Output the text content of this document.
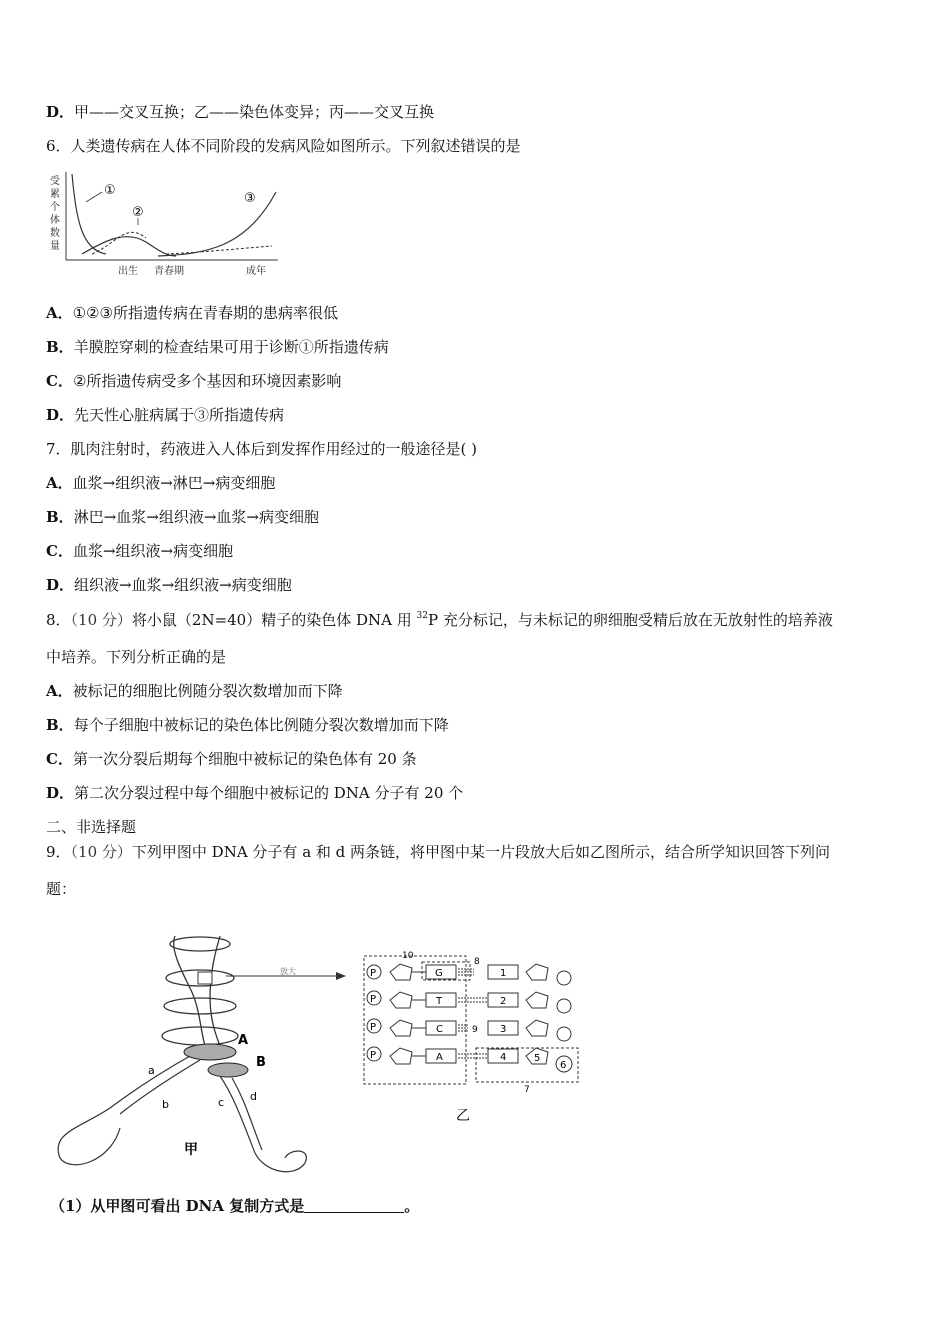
D．甲——交叉互换；乙——染色体变异；丙——交叉互换
6．人类遗传病在人体不同阶段的发病风险如图所示。下列叙述错误的是
受
累
个
体
数
量
①
②
③
出生 青春期	成年
A．①②③所指遗传病在青春期的患病率很低
B．羊膜腔穿刺的检查结果可用于诊断①所指遗传病
C．②所指遗传病受多个基因和环境因素影响
D．先天性心脏病属于③所指遗传病
7．肌肉注射时，药液进入人体后到发挥作用经过的一般途径是( )
A．血浆→组织液→淋巴→病变细胞
B．淋巴→血浆→组织液→血浆→病变细胞
C．血浆→组织液→病变细胞
D．组织液→血浆→组织液→病变细胞
8．（10 分）将小鼠（2N=40）精子的染色体 DNA 用 $^{32}$P 充分标记，与未标记的卵细胞受精后放在无放射性的培养液
中培养。下列分析正确的是
A．被标记的细胞比例随分裂次数增加而下降
B．每个子细胞中被标记的染色体比例随分裂次数增加而下降
C．第一次分裂后期每个细胞中被标记的染色体有 20 条
D．第二次分裂过程中每个细胞中被标记的 DNA 分子有 20 个
二、非选择题
9．（10 分）下列甲图中 DNA 分子有 a 和 d 两条链，将甲图中某一片段放大后如乙图所示，结合所学知识回答下列问
题：
A
B
a
b	c d
甲
放大
10
8
7
P	G	1
P	T	2
P	C	9 3
P	A	4	5
6
乙
（1）从甲图可看出 DNA 复制方式是	。
